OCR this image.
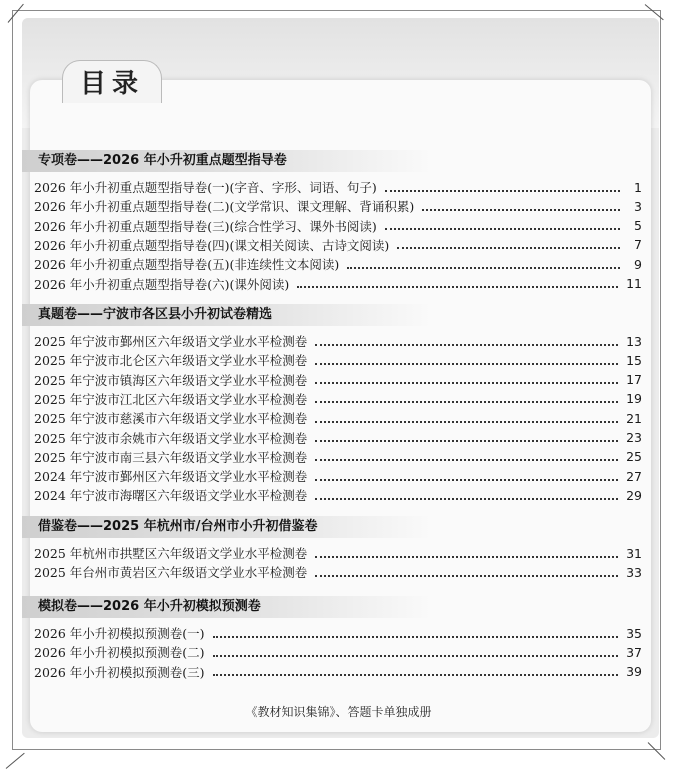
目录
专项卷——2026 年小升初重点题型指导卷
2026 年小升初重点题型指导卷(一)(字音、字形、词语、句子)	1
2026 年小升初重点题型指导卷(二)(文学常识、课文理解、背诵积累)	3
2026 年小升初重点题型指导卷(三)(综合性学习、课外书阅读)	5
2026 年小升初重点题型指导卷(四)(课文相关阅读、古诗文阅读)	7
2026 年小升初重点题型指导卷(五)(非连续性文本阅读)	9
2026 年小升初重点题型指导卷(六)(课外阅读)	11
真题卷——宁波市各区县小升初试卷精选
2025 年宁波市鄞州区六年级语文学业水平检测卷	13
2025 年宁波市北仑区六年级语文学业水平检测卷	15
2025 年宁波市镇海区六年级语文学业水平检测卷	17
2025 年宁波市江北区六年级语文学业水平检测卷	19
2025 年宁波市慈溪市六年级语文学业水平检测卷	21
2025 年宁波市余姚市六年级语文学业水平检测卷	23
2025 年宁波市南三县六年级语文学业水平检测卷	25
2024 年宁波市鄞州区六年级语文学业水平检测卷	27
2024 年宁波市海曙区六年级语文学业水平检测卷	29
借鉴卷——2025 年杭州市/台州市小升初借鉴卷
2025 年杭州市拱墅区六年级语文学业水平检测卷	31
2025 年台州市黄岩区六年级语文学业水平检测卷	33
模拟卷——2026 年小升初模拟预测卷
2026 年小升初模拟预测卷(一)	35
2026 年小升初模拟预测卷(二)	37
2026 年小升初模拟预测卷(三)	39
《教材知识集锦》、答题卡单独成册
